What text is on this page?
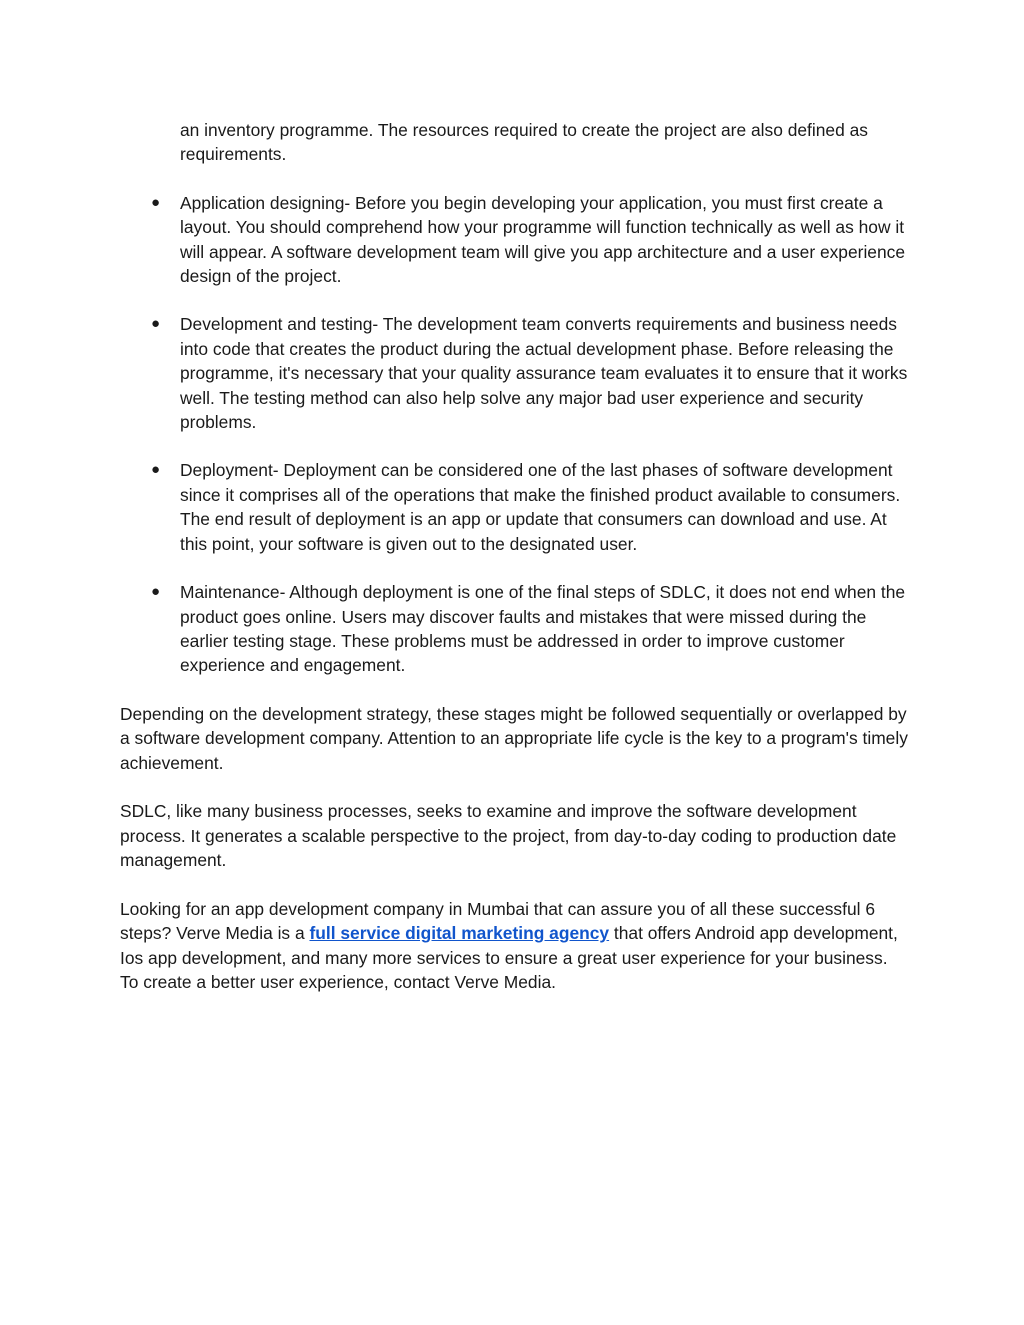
an inventory programme. The resources required to create the project are also defined as requirements.

● Application designing- Before you begin developing your application, you must first create a layout. You should comprehend how your programme will function technically as well as how it will appear. A software development team will give you app architecture and a user experience design of the project.
● Development and testing- The development team converts requirements and business needs into code that creates the product during the actual development phase. Before releasing the programme, it's necessary that your quality assurance team evaluates it to ensure that it works well. The testing method can also help solve any major bad user experience and security problems.
● Deployment- Deployment can be considered one of the last phases of software development since it comprises all of the operations that make the finished product available to consumers. The end result of deployment is an app or update that consumers can download and use. At this point, your software is given out to the designated user.
● Maintenance- Although deployment is one of the final steps of SDLC, it does not end when the product goes online. Users may discover faults and mistakes that were missed during the earlier testing stage. These problems must be addressed in order to improve customer experience and engagement.

Depending on the development strategy, these stages might be followed sequentially or overlapped by a software development company. Attention to an appropriate life cycle is the key to a program's timely achievement.

SDLC, like many business processes, seeks to examine and improve the software development process. It generates a scalable perspective to the project, from day-to-day coding to production date management.

Looking for an app development company in Mumbai that can assure you of all these successful 6 steps? Verve Media is a full service digital marketing agency that offers Android app development, Ios app development, and many more services to ensure a great user experience for your business. To create a better user experience, contact Verve Media.
